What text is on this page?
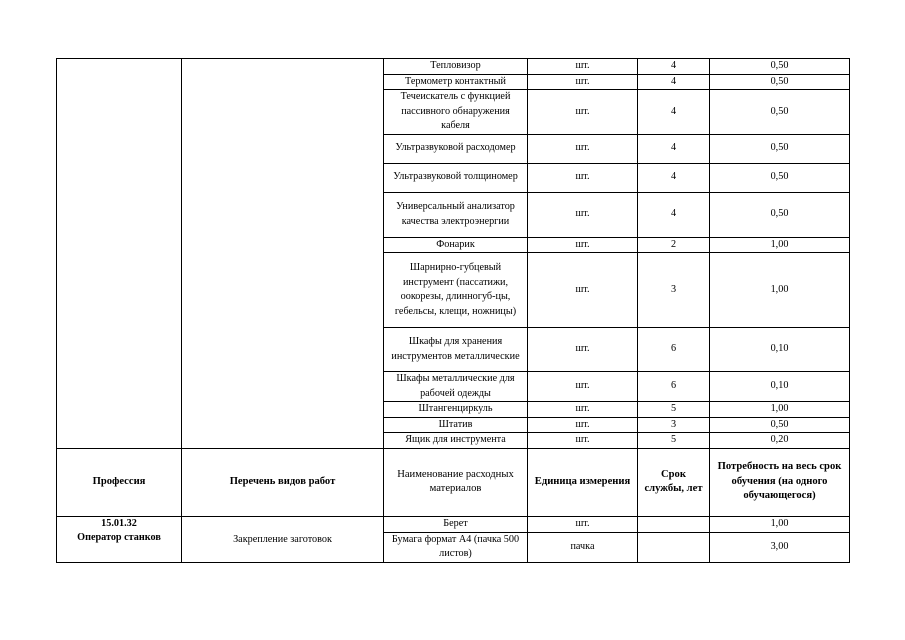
		Тепловизор	шт.	4	0,50
		Термометр контактный	шт.	4	0,50
		Течеискатель с функцией пассивного обнаружения кабеля	шт.	4	0,50
		Ультразвуковой расходомер	шт.	4	0,50
		Ультразвуковой толщиномер	шт.	4	0,50
		Универсальный анализатор качества электроэнергии	шт.	4	0,50
		Фонарик	шт.	2	1,00
		Шарнирно-губцевый инструмент (пассатижи, оокорезы, длинногуб-цы, гебельсы, клещи, ножницы)	шт.	3	1,00
		Шкафы для хранения инструментов металлические	шт.	6	0,10
		Шкафы металлические для рабочей одежды	шт.	6	0,10
		Штангенциркуль	шт.	5	1,00
		Штатив	шт.	3	0,50
		Ящик для инструмента	шт.	5	0,20
Профессия	Перечень видов работ	Наименование расходных материалов	Единица измерения	Срок службы, лет	Потребность на весь срок обучения (на одного обучающегося)

15.01.32
Оператор станков	Закрепление заготовок	Берет	шт.		1,00
		Бумага формат А4 (пачка 500 листов)	пачка		3,00
